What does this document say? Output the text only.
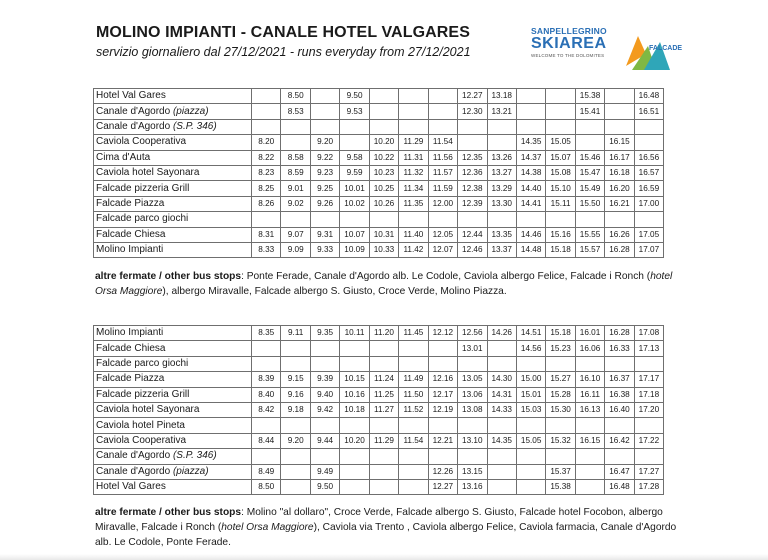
MOLINO IMPIANTI - CANALE HOTEL VALGARES
servizio giornaliero dal 27/12/2021 - runs everyday from 27/12/2021
SANPELLEGRINO
SKIAREA
WELCOME TO THE DOLOMITES
FALCADE
Hotel Val Gares		8.50		9.50				12.27	13.18			15.38		16.48
Canale d'Agordo (piazza)		8.53		9.53				12.30	13.21			15.41		16.51
Canale d'Agordo (S.P. 346)														
Caviola Cooperativa	8.20		9.20		10.20	11.29	11.54			14.35	15.05		16.15	
Cima d'Auta	8.22	8.58	9.22	9.58	10.22	11.31	11.56	12.35	13.26	14.37	15.07	15.46	16.17	16.56
Caviola hotel Sayonara	8.23	8.59	9.23	9.59	10.23	11.32	11.57	12.36	13.27	14.38	15.08	15.47	16.18	16.57
Falcade pizzeria Grill	8.25	9.01	9.25	10.01	10.25	11.34	11.59	12.38	13.29	14.40	15.10	15.49	16.20	16.59
Falcade Piazza	8.26	9.02	9.26	10.02	10.26	11.35	12.00	12.39	13.30	14.41	15.11	15.50	16.21	17.00
Falcade parco giochi														
Falcade Chiesa	8.31	9.07	9.31	10.07	10.31	11.40	12.05	12.44	13.35	14.46	15.16	15.55	16.26	17.05
Molino Impianti	8.33	9.09	9.33	10.09	10.33	11.42	12.07	12.46	13.37	14.48	15.18	15.57	16.28	17.07
altre fermate / other bus stops: Ponte Ferade, Canale d'Agordo alb. Le Codole, Caviola albergo Felice, Falcade i Ronch (hotel Orsa Maggiore), albergo Miravalle, Falcade albergo S. Giusto, Croce Verde, Molino Piazza.
Molino Impianti	8.35	9.11	9.35	10.11	11.20	11.45	12.12	12.56	14.26	14.51	15.18	16.01	16.28	17.08
Falcade Chiesa								13.01		14.56	15.23	16.06	16.33	17.13
Falcade parco giochi														
Falcade Piazza	8.39	9.15	9.39	10.15	11.24	11.49	12.16	13.05	14.30	15.00	15.27	16.10	16.37	17.17
Falcade pizzeria Grill	8.40	9.16	9.40	10.16	11.25	11.50	12.17	13.06	14.31	15.01	15.28	16.11	16.38	17.18
Caviola hotel Sayonara	8.42	9.18	9.42	10.18	11.27	11.52	12.19	13.08	14.33	15.03	15.30	16.13	16.40	17.20
Caviola hotel Pineta														
Caviola Cooperativa	8.44	9.20	9.44	10.20	11.29	11.54	12.21	13.10	14.35	15.05	15.32	16.15	16.42	17.22
Canale d'Agordo (S.P. 346)														
Canale d'Agordo (piazza)	8.49		9.49				12.26	13.15			15.37		16.47	17.27
Hotel Val Gares	8.50		9.50				12.27	13.16			15.38		16.48	17.28
altre fermate / other bus stops: Molino "al dollaro", Croce Verde, Falcade albergo S. Giusto, Falcade hotel Focobon, albergo Miravalle, Falcade i Ronch (hotel Orsa Maggiore), Caviola via Trento , Caviola albergo Felice, Caviola farmacia, Canale d'Agordo alb. Le Codole, Ponte Ferade.
